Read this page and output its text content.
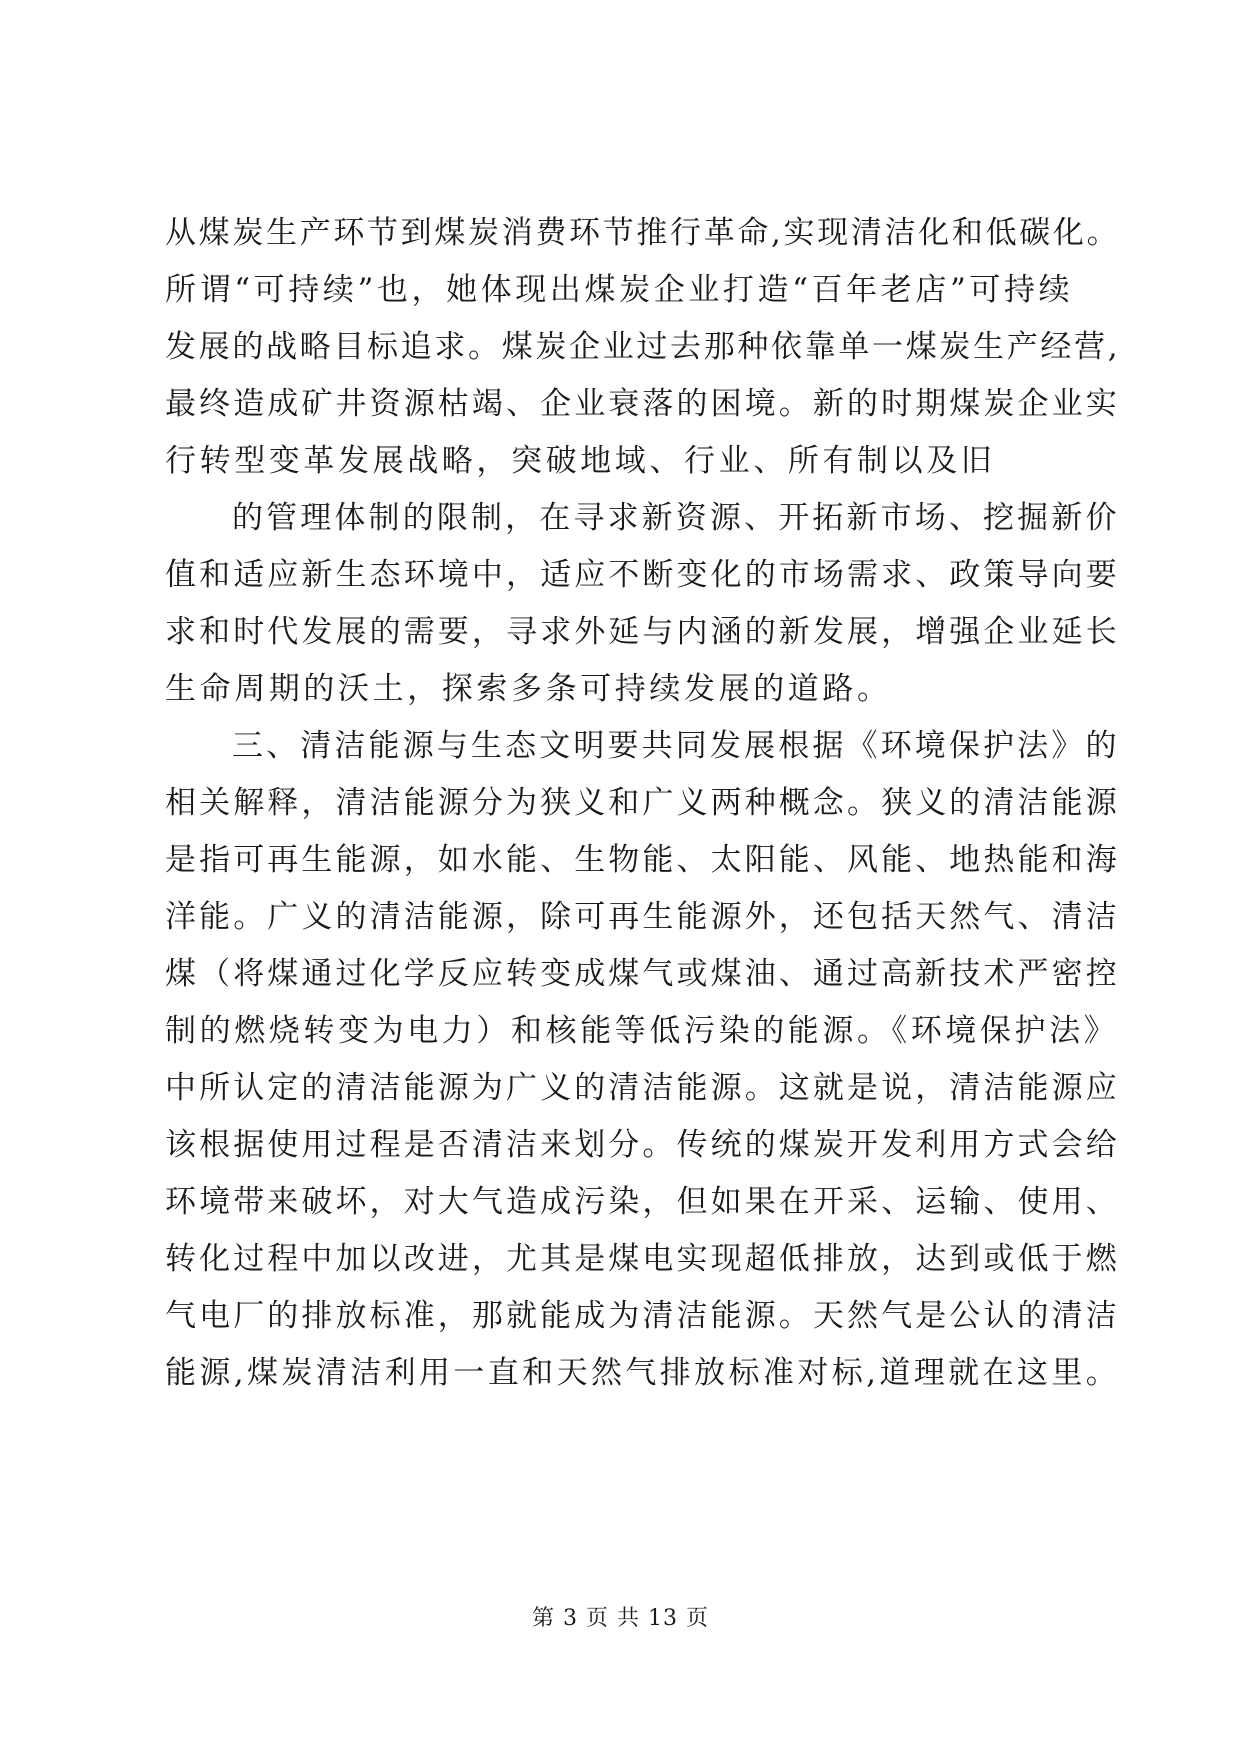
从煤炭生产环节到煤炭消费环节推行革命,实现清洁化和低碳化。
所谓“可持续”也，她体现出煤炭企业打造“百年老店”可持续
发展的战略目标追求。煤炭企业过去那种依靠单一煤炭生产经营,
最终造成矿井资源枯竭、企业衰落的困境。新的时期煤炭企业实
行转型变革发展战略，突破地域、行业、所有制以及旧
的管理体制的限制，在寻求新资源、开拓新市场、挖掘新价
值和适应新生态环境中，适应不断变化的市场需求、政策导向要
求和时代发展的需要，寻求外延与内涵的新发展，增强企业延长
生命周期的沃土，探索多条可持续发展的道路。
三、清洁能源与生态文明要共同发展根据《环境保护法》的
相关解释，清洁能源分为狭义和广义两种概念。狭义的清洁能源
是指可再生能源，如水能、生物能、太阳能、风能、地热能和海
洋能。广义的清洁能源，除可再生能源外，还包括天然气、清洁
煤（将煤通过化学反应转变成煤气或煤油、通过高新技术严密控
制的燃烧转变为电力）和核能等低污染的能源。《环境保护法》
中所认定的清洁能源为广义的清洁能源。这就是说，清洁能源应
该根据使用过程是否清洁来划分。传统的煤炭开发利用方式会给
环境带来破坏，对大气造成污染，但如果在开采、运输、使用、
转化过程中加以改进，尤其是煤电实现超低排放，达到或低于燃
气电厂的排放标准，那就能成为清洁能源。天然气是公认的清洁
能源,煤炭清洁利用一直和天然气排放标准对标,道理就在这里。
第 3 页 共 13 页
